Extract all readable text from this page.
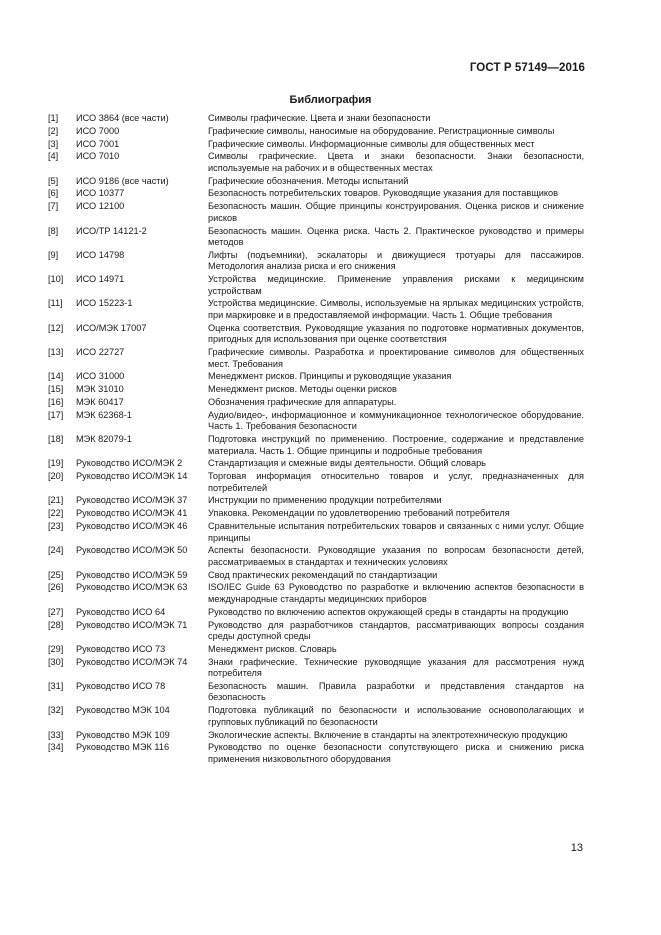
ГОСТ Р 57149—2016
Библиография
[1]	ИСО 3864 (все части)	Символы графические. Цвета и знаки безопасности
[2]	ИСО 7000	Графические символы, наносимые на оборудование. Регистрационные символы
[3]	ИСО 7001	Графические символы. Информационные символы для общественных мест
[4]	ИСО 7010	Символы графические. Цвета и знаки безопасности. Знаки безопасности, используемые на рабочих и в общественных местах
[5]	ИСО 9186 (все части)	Графические обозначения. Методы испытаний
[6]	ИСО 10377	Безопасность потребительских товаров. Руководящие указания для поставщиков
[7]	ИСО 12100	Безопасность машин. Общие принципы конструирования. Оценка рисков и снижение рисков
[8]	ИСО/ТР 14121-2	Безопасность машин. Оценка риска. Часть 2. Практическое руководство и примеры методов
[9]	ИСО 14798	Лифты (подъемники), эскалаторы и движущиеся тротуары для пассажиров. Методология анализа риска и его снижения
[10]	ИСО 14971	Устройства медицинские. Применение управления рисками к медицинским устройствам
[11]	ИСО 15223-1	Устройства медицинские. Символы, используемые на ярлыках медицинских устройств, при маркировке и в предоставляемой информации. Часть 1. Общие требования
[12]	ИСО/МЭК 17007	Оценка соответствия. Руководящие указания по подготовке нормативных документов, пригодных для использования при оценке соответствия
[13]	ИСО 22727	Графические символы. Разработка и проектирование символов для общественных мест. Требования
[14]	ИСО 31000	Менеджмент рисков. Принципы и руководящие указания
[15]	МЭК 31010	Менеджмент рисков. Методы оценки рисков
[16]	МЭК 60417	Обозначения графические для аппаратуры.
[17]	МЭК 62368-1	Аудио/видео-, информационное и коммуникационное технологическое оборудование. Часть 1. Требования безопасности
[18]	МЭК 82079-1	Подготовка инструкций по применению. Построение, содержание и представление материала. Часть 1. Общие принципы и подробные требования
[19]	Руководство ИСО/МЭК 2	Стандартизация и смежные виды деятельности. Общий словарь
[20]	Руководство ИСО/МЭК 14	Торговая информация относительно товаров и услуг, предназначенных для потребителей
[21]	Руководство ИСО/МЭК 37	Инструкции по применению продукции потребителями
[22]	Руководство ИСО/МЭК 41	Упаковка. Рекомендации по удовлетворению требований потребителя
[23]	Руководство ИСО/МЭК 46	Сравнительные испытания потребительских товаров и связанных с ними услуг. Общие принципы
[24]	Руководство ИСО/МЭК 50	Аспекты безопасности. Руководящие указания по вопросам безопасности детей, рассматриваемых в стандартах и технических условиях
[25]	Руководство ИСО/МЭК 59	Свод практических рекомендаций по стандартизации
[26]	Руководство ИСО/МЭК 63	ISO/IEC Guide 63 Руководство по разработке и включению аспектов безопасности в международные стандарты медицинских приборов
[27]	Руководство ИСО 64	Руководство по включению аспектов окружающей среды в стандарты на продукцию
[28]	Руководство ИСО/МЭК 71	Руководство для разработчиков стандартов, рассматривающих вопросы создания среды доступной среды
[29]	Руководство ИСО 73	Менеджмент рисков. Словарь
[30]	Руководство ИСО/МЭК 74	Знаки графические. Технические руководящие указания для рассмотрения нужд потребителя
[31]	Руководство ИСО 78	Безопасность машин. Правила разработки и представления стандартов на безопасность
[32]	Руководство МЭК 104	Подготовка публикаций по безопасности и использование основополагающих и групповых публикаций по безопасности
[33]	Руководство МЭК 109	Экологические аспекты. Включение в стандарты на электротехническую продукцию
[34]	Руководство МЭК 116	Руководство по оценке безопасности сопутствующего риска и снижению риска применения низковольтного оборудования
13
